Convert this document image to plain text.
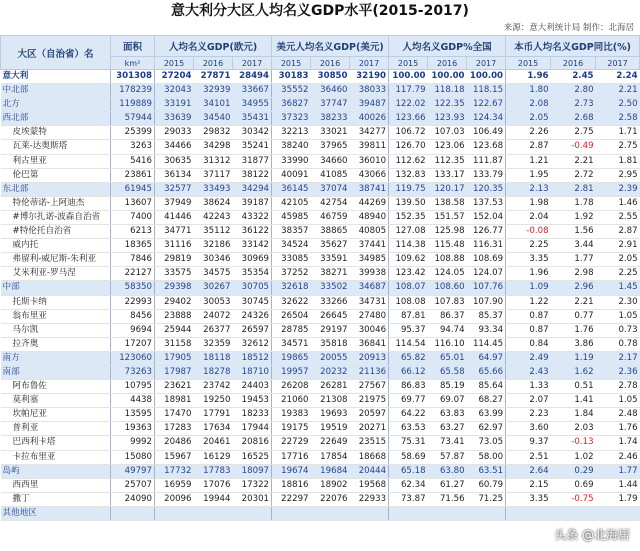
意大利分大区人均名义GDP水平(2015-2017)
来源：意大利统计局 制作：北海居
大区（自治省）名	面积	人均名义GDP(欧元)			美元人均名义GDP(美元)			人均名义GDP%全国			本币人均名义GDP同比(%)		
	km²	2015	2016	2017	2015	2016	2017	2015	2016	2017	2015	2016	2017
意大利	301308	27204	27871	28494	30183	30850	32190	100.00	100.00	100.00	1.96	2.45	2.24
中北部	178239	32043	32939	33667	35552	36460	38033	117.79	118.18	118.15	1.80	2.80	2.21
北方	119889	33191	34101	34955	36827	37747	39487	122.02	122.35	122.67	2.08	2.73	2.50
西北部	57944	33639	34540	35431	37323	38233	40026	123.66	123.93	124.34	2.05	2.68	2.58
皮埃蒙特	25399	29033	29832	30342	32213	33021	34277	106.72	107.03	106.49	2.26	2.75	1.71
瓦莱-达奥斯塔	3263	34466	34298	35241	38240	37965	39811	126.70	123.06	123.68	2.87	-0.49	2.75
利古里亚	5416	30635	31312	31877	33990	34660	36010	112.62	112.35	111.87	1.21	2.21	1.81
伦巴第	23861	36134	37117	38122	40091	41085	43066	132.83	133.17	133.79	1.95	2.72	2.95
东北部	61945	32577	33493	34294	36145	37074	38741	119.75	120.17	120.35	2.13	2.81	2.39
特伦蒂诺-上阿迪杰	13607	37949	38624	39187	42105	42754	44269	139.50	138.58	137.53	1.98	1.78	1.46
#博尔扎诺-波森自治省	7400	41446	42243	43322	45985	46759	48940	152.35	151.57	152.04	2.04	1.92	2.55
#特伦托自治省	6213	34771	35112	36122	38357	38865	40805	127.08	125.98	126.77	-0.08	1.56	2.87
威内托	18365	31116	32186	33142	34524	35627	37441	114.38	115.48	116.31	2.25	3.44	2.91
弗留利-威尼斯-朱利亚	7846	29819	30346	30969	33085	33591	34985	109.62	108.88	108.69	3.35	1.77	2.05
艾米利亚-罗马涅	22127	33575	34575	35354	37252	38271	39938	123.42	124.05	124.07	1.96	2.98	2.25
中部	58350	29398	30267	30705	32618	33502	34687	108.07	108.60	107.76	1.09	2.96	1.45
托斯卡纳	22993	29402	30053	30745	32622	33266	34731	108.08	107.83	107.90	1.22	2.21	2.30
翁布里亚	8456	23888	24072	24326	26504	26645	27480	87.81	86.37	85.37	0.87	0.77	1.05
马尔凯	9694	25944	26377	26597	28785	29197	30046	95.37	94.74	93.34	0.87	1.76	0.73
拉齐奥	17207	31158	32359	32612	34571	35818	36841	114.54	116.10	114.45	0.84	3.86	0.78
南方	123060	17905	18118	18512	19865	20055	20913	65.82	65.01	64.97	2.49	1.19	2.17
南部	73263	17987	18278	18710	19957	20232	21136	66.12	65.58	65.66	2.43	1.62	2.36
阿布鲁佐	10795	23621	23742	24403	26208	26281	27567	86.83	85.19	85.64	1.33	0.51	2.78
莫利塞	4438	18981	19250	19453	21060	21308	21975	69.77	69.07	68.27	2.07	1.41	1.05
坎帕尼亚	13595	17470	17791	18233	19383	19693	20597	64.22	63.83	63.99	2.23	1.84	2.48
普利亚	19363	17283	17634	17944	19175	19519	20271	63.53	63.27	62.97	3.60	2.03	1.76
巴西利卡塔	9992	20486	20461	20816	22729	22649	23515	75.31	73.41	73.05	9.37	-0.13	1.74
卡拉布里亚	15080	15967	16129	16525	17716	17854	18668	58.69	57.87	58.00	2.51	1.02	2.46
岛屿	49797	17732	17783	18097	19674	19684	20444	65.18	63.80	63.51	2.64	0.29	1.77
西西里	25707	16959	17076	17322	18816	18902	19568	62.34	61.27	60.79	2.15	0.69	1.44
撒丁	24090	20096	19944	20301	22297	22076	22933	73.87	71.56	71.25	3.35	-0.75	1.79
其他地区													
头条 @北海居
